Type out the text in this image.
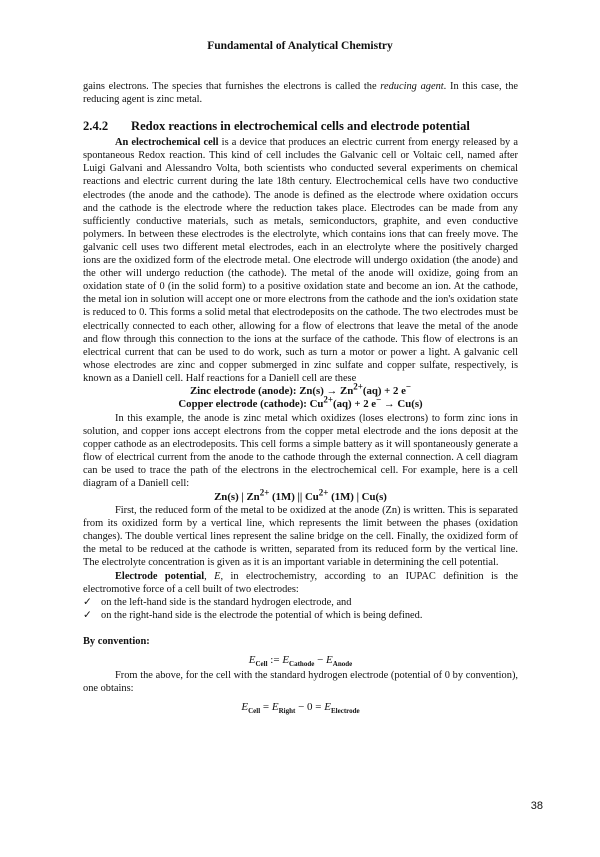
Fundamental of Analytical Chemistry

gains electrons. The species that furnishes the electrons is called the reducing agent. In this case, the reducing agent is zinc metal.

2.4.2 Redox reactions in electrochemical cells and electrode potential

An electrochemical cell is a device that produces an electric current from energy released by a spontaneous Redox reaction. This kind of cell includes the Galvanic cell or Voltaic cell, named after Luigi Galvani and Alessandro Volta, both scientists who conducted several experiments on chemical reactions and electric current during the late 18th century. Electrochemical cells have two conductive electrodes (the anode and the cathode). The anode is defined as the electrode where oxidation occurs and the cathode is the electrode where the reduction takes place. Electrodes can be made from any sufficiently conductive materials, such as metals, semiconductors, graphite, and even conductive polymers. In between these electrodes is the electrolyte, which contains ions that can freely move. The galvanic cell uses two different metal electrodes, each in an electrolyte where the positively charged ions are the oxidized form of the electrode metal. One electrode will undergo oxidation (the anode) and the other will undergo reduction (the cathode). The metal of the anode will oxidize, going from an oxidation state of 0 (in the solid form) to a positive oxidation state and become an ion. At the cathode, the metal ion in solution will accept one or more electrons from the cathode and the ion's oxidation state is reduced to 0. This forms a solid metal that electrodeposits on the cathode. The two electrodes must be electrically connected to each other, allowing for a flow of electrons that leave the metal of the anode and flow through this connection to the ions at the surface of the cathode. This flow of electrons is an electrical current that can be used to do work, such as turn a motor or power a light. A galvanic cell whose electrodes are zinc and copper submerged in zinc sulfate and copper sulfate, respectively, is known as a Daniell cell. Half reactions for a Daniell cell are these

Zinc electrode (anode): $Zn(s) \to Zn^{2+}(aq) + 2$ e−

Copper electrode (cathode): $Cu^{2+}(aq) + 2$ e− → Cu(s)

In this example, the anode is zinc metal which oxidizes (loses electrons) to form zinc ions in solution, and copper ions accept electrons from the copper metal electrode and the ions deposit at the copper cathode as an electrodeposits. This cell forms a simple battery as it will spontaneously generate a flow of electrical current from the anode to the cathode through the external connection. A cell diagram can be used to trace the path of the electrons in the electrochemical cell. For example, here is a cell diagram of a Daniell cell:

Zn(s) | $Zn^{2+}$ (1M) || $Cu^{2+}$ (1M) | Cu(s)

First, the reduced form of the metal to be oxidized at the anode (Zn) is written. This is separated from its oxidized form by a vertical line, which represents the limit between the phases (oxidation changes). The double vertical lines represent the saline bridge on the cell. Finally, the oxidized form of the metal to be reduced at the cathode is written, separated from its reduced form by the vertical line. The electrolyte concentration is given as it is an important variable in determining the cell potential.

Electrode potential, E, in electrochemistry, according to an IUPAC definition is the electromotive force of a cell built of two electrodes:

✓ on the left-hand side is the standard hydrogen electrode, and

✓ on the right-hand side is the electrode the potential of which is being defined.

By convention:

$E_{Cell}$ := $E_{Cathode} - E_{Anode}$

From the above, for the cell with the standard hydrogen electrode (potential of 0 by convention), one obtains:

$E_{Cell} = E_{Right} - 0 = E_{Electrode}$

38
